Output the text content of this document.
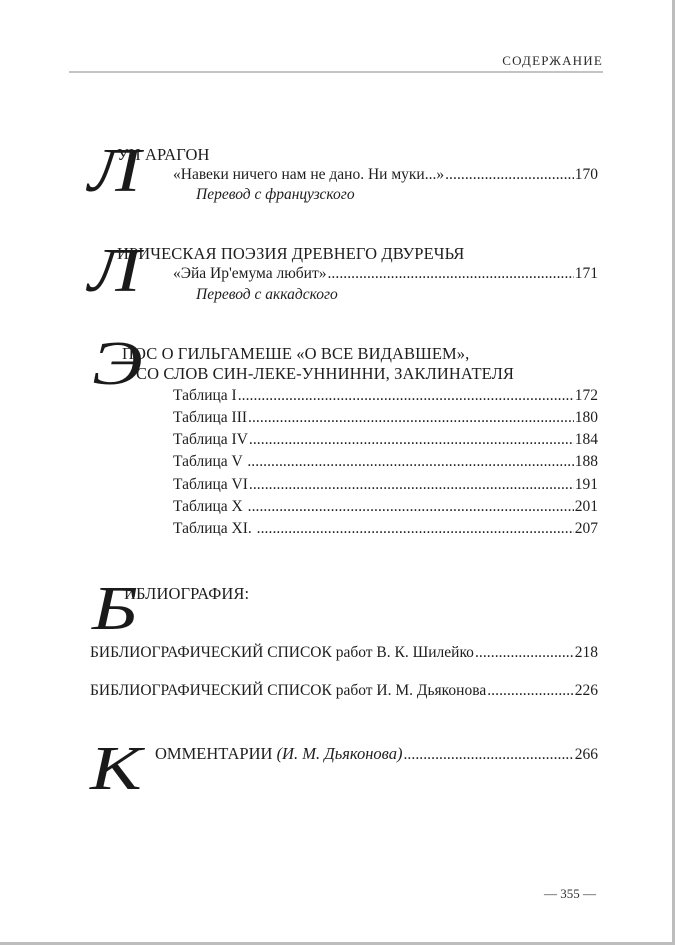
СОДЕРЖАНИЕ
Л
УИ АРАГОН
«Навеки ничего нам не дано. Ни муки...» . . .	170
Перевод с французского
Л
ИРИЧЕСКАЯ ПОЭЗИЯ ДРЕВНЕГО ДВУРЕЧЬЯ
«Эйа Ир'емума любит» . . .	171
Перевод с аккадского
Э
ПОС О ГИЛЬГАМЕШЕ «О ВСЕ ВИДАВШЕМ»,
СО СЛОВ СИН-ЛЕКЕ-УННИННИ, ЗАКЛИНАТЕЛЯ
Таблица I . . .	172
Таблица III . . .	180
Таблица IV . . .	184
Таблица V . . .	188
Таблица VI . . .	191
Таблица X . . .	201
Таблица XI. . . .	207
Б
ИБЛИОГРАФИЯ:
БИБЛИОГРАФИЧЕСКИЙ СПИСОК работ В. К. Шилейко . . .	218
БИБЛИОГРАФИЧЕСКИЙ СПИСОК работ И. М. Дьяконова . . .	226
К ОММЕНТАРИИ (И. М. Дьяконова) . . .	266
— 355 —
